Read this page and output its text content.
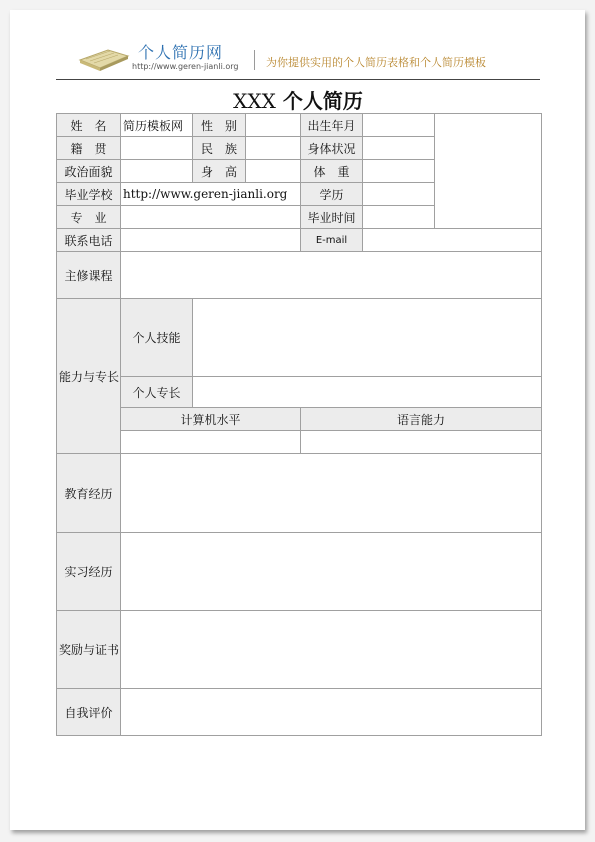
个人简历网
http://www.geren-jianli.org	为你提供实用的个人简历表格和个人简历模板
XXX 个人简历
姓　名	简历模板网	性　别		出生年月		
籍　贯		民　族		身体状况		
政治面貌		身　高		体　重		
毕业学校	http://www.geren-jianli.org			学历		
专　业				毕业时间		
联系电话				E-mail		
主修课程						
能力与专长	个人技能					
	个人专长					
	计算机水平			语言能力		

教育经历						
实习经历						
奖励与证书						
自我评价						
